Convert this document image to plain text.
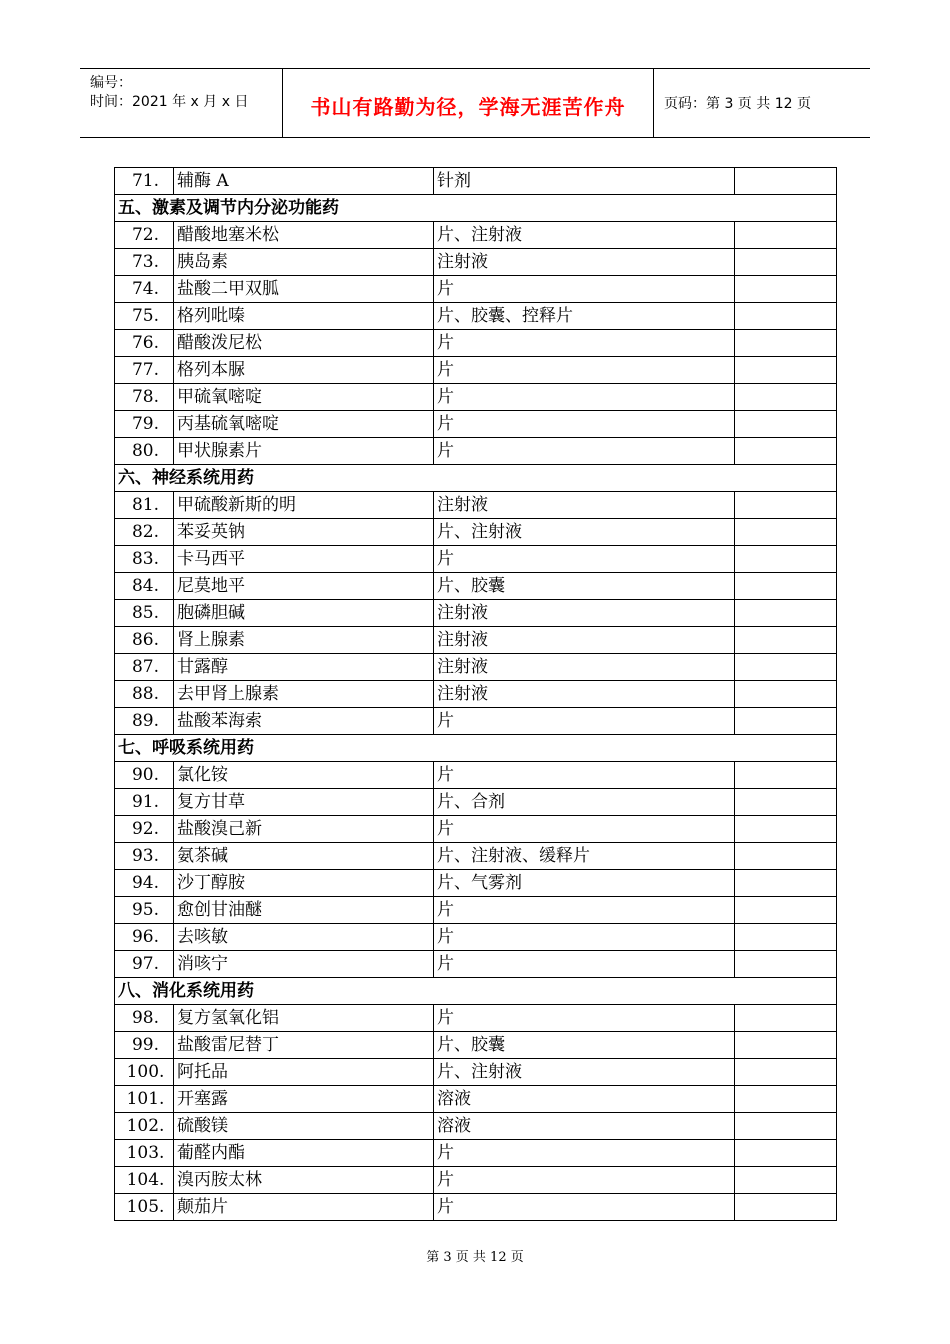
编号：
时间：2021 年 x 月 x 日	书山有路勤为径，学海无涯苦作舟	页码：第 3 页 共 12 页
71.	辅酶 A	针剂	
五、激素及调节内分泌功能药			
72.	醋酸地塞米松	片、注射液	
73.	胰岛素	注射液	
74.	盐酸二甲双胍	片	
75.	格列吡嗪	片、胶囊、控释片	
76.	醋酸泼尼松	片	
77.	格列本脲	片	
78.	甲硫氧嘧啶	片	
79.	丙基硫氧嘧啶	片	
80.	甲状腺素片	片	
六、神经系统用药			
81.	甲硫酸新斯的明	注射液	
82.	苯妥英钠	片、注射液	
83.	卡马西平	片	
84.	尼莫地平	片、胶囊	
85.	胞磷胆碱	注射液	
86.	肾上腺素	注射液	
87.	甘露醇	注射液	
88.	去甲肾上腺素	注射液	
89.	盐酸苯海索	片	
七、呼吸系统用药			
90.	氯化铵	片	
91.	复方甘草	片、合剂	
92.	盐酸溴己新	片	
93.	氨茶碱	片、注射液、缓释片	
94.	沙丁醇胺	片、气雾剂	
95.	愈创甘油醚	片	
96.	去咳敏	片	
97.	消咳宁	片	
八、消化系统用药			
98.	复方氢氧化铝	片	
99.	盐酸雷尼替丁	片、胶囊	
100.	阿托品	片、注射液	
101.	开塞露	溶液	
102.	硫酸镁	溶液	
103.	葡醛内酯	片	
104.	溴丙胺太林	片	
105.	颠茄片	片	
第 3 页 共 12 页
